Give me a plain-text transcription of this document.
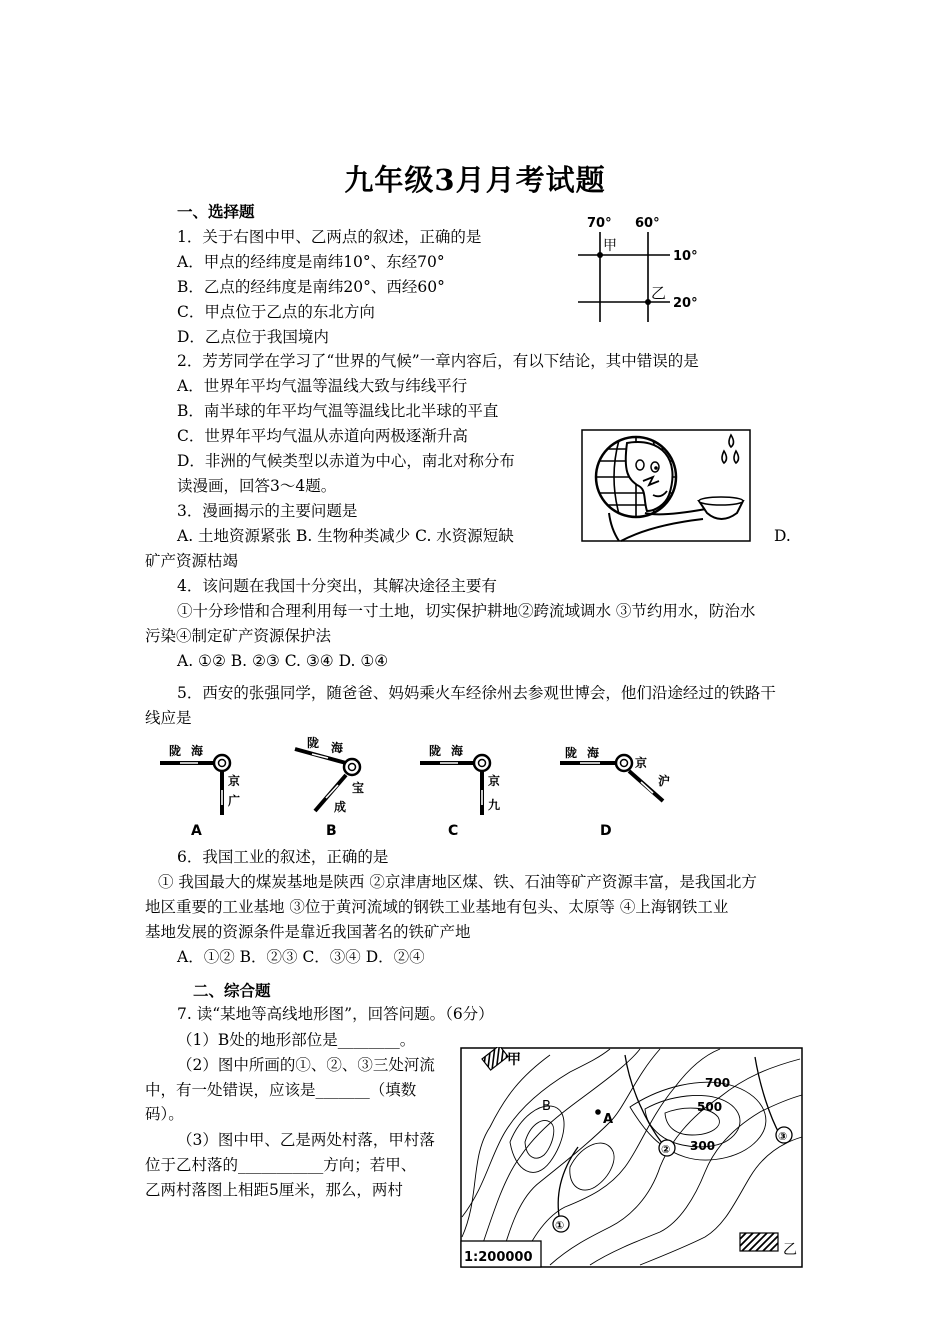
九年级3月月考试题
一、选择题
1．关于右图中甲、乙两点的叙述，正确的是
A．甲点的经纬度是南纬10°、东经70°
B．乙点的经纬度是南纬20°、西经60°
C．甲点位于乙点的东北方向
D．乙点位于我国境内
2．芳芳同学在学习了“世界的气候”一章内容后，有以下结论，其中错误的是
A．世界年平均气温等温线大致与纬线平行
B．南半球的年平均气温等温线比北半球的平直
C．世界年平均气温从赤道向两极逐渐升高
D．非洲的气候类型以赤道为中心，南北对称分布
读漫画，回答3～4题。
3．漫画揭示的主要问题是
A. 土地资源紧张 B. 生物种类减少 C. 水资源短缺	D.
矿产资源枯竭
4．该问题在我国十分突出，其解决途径主要有
①十分珍惜和合理利用每一寸土地，切实保护耕地②跨流域调水 ③节约用水，防治水
污染④制定矿产资源保护法
A. ①② B. ②③ C. ③④ D. ①④
5．西安的张强同学，随爸爸、妈妈乘火车经徐州去参观世博会，他们沿途经过的铁路干
线应是
6．我国工业的叙述，正确的是
① 我国最大的煤炭基地是陕西 ②京津唐地区煤、铁、石油等矿产资源丰富，是我国北方
地区重要的工业基地 ③位于黄河流域的钢铁工业基地有包头、太原等 ④上海钢铁工业
基地发展的资源条件是靠近我国著名的铁矿产地
A．①② B．②③ C．③④ D．②④
二、综合题
7. 读“某地等高线地形图”，回答问题。（6分）
（1）B处的地形部位是________。
（2）图中所画的①、②、③三处河流
中，有一处错误，应该是_______（填数
码）。
（3）图中甲、乙是两处村落，甲村落
位于乙村落的___________方向；若甲、
乙两村落图上相距5厘米，那么，两村
70° 60°
10°
20°
甲
乙
陇 海
京
广
A
陇 海
宝
成
B
陇 海
京
九
C
陇 海
京
沪
D
甲
乙
B
A
700
500
300
①
②
③
1:200000
